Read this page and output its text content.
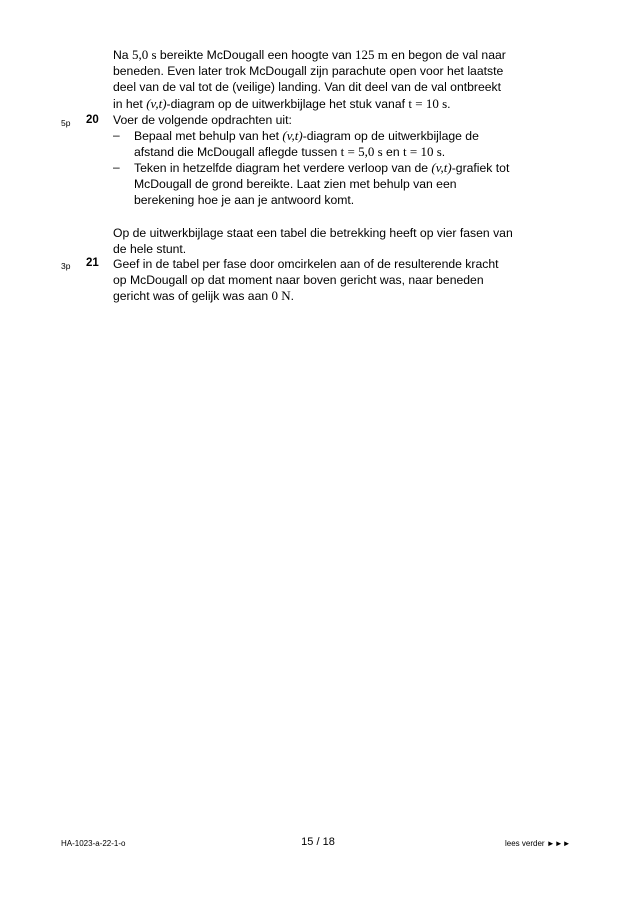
Na 5,0 s bereikte McDougall een hoogte van 125 m en begon de val naar
beneden. Even later trok McDougall zijn parachute open voor het laatste
deel van de val tot de (veilige) landing. Van dit deel van de val ontbreekt
in het (v,t)-diagram op de uitwerkbijlage het stuk vanaf t = 10 s.
5p 20 Voer de volgende opdrachten uit:
– Bepaal met behulp van het (v,t)-diagram op de uitwerkbijlage de
afstand die McDougall aflegde tussen t = 5,0 s en t = 10 s.
– Teken in hetzelfde diagram het verdere verloop van de (v,t)-grafiek tot
McDougall de grond bereikte. Laat zien met behulp van een
berekening hoe je aan je antwoord komt.
Op de uitwerkbijlage staat een tabel die betrekking heeft op vier fasen van
de hele stunt.
3p 21 Geef in de tabel per fase door omcirkelen aan of de resulterende kracht
op McDougall op dat moment naar boven gericht was, naar beneden
gericht was of gelijk was aan 0 N.
HA-1023-a-22-1-o	15 / 18	lees verder ►►►
